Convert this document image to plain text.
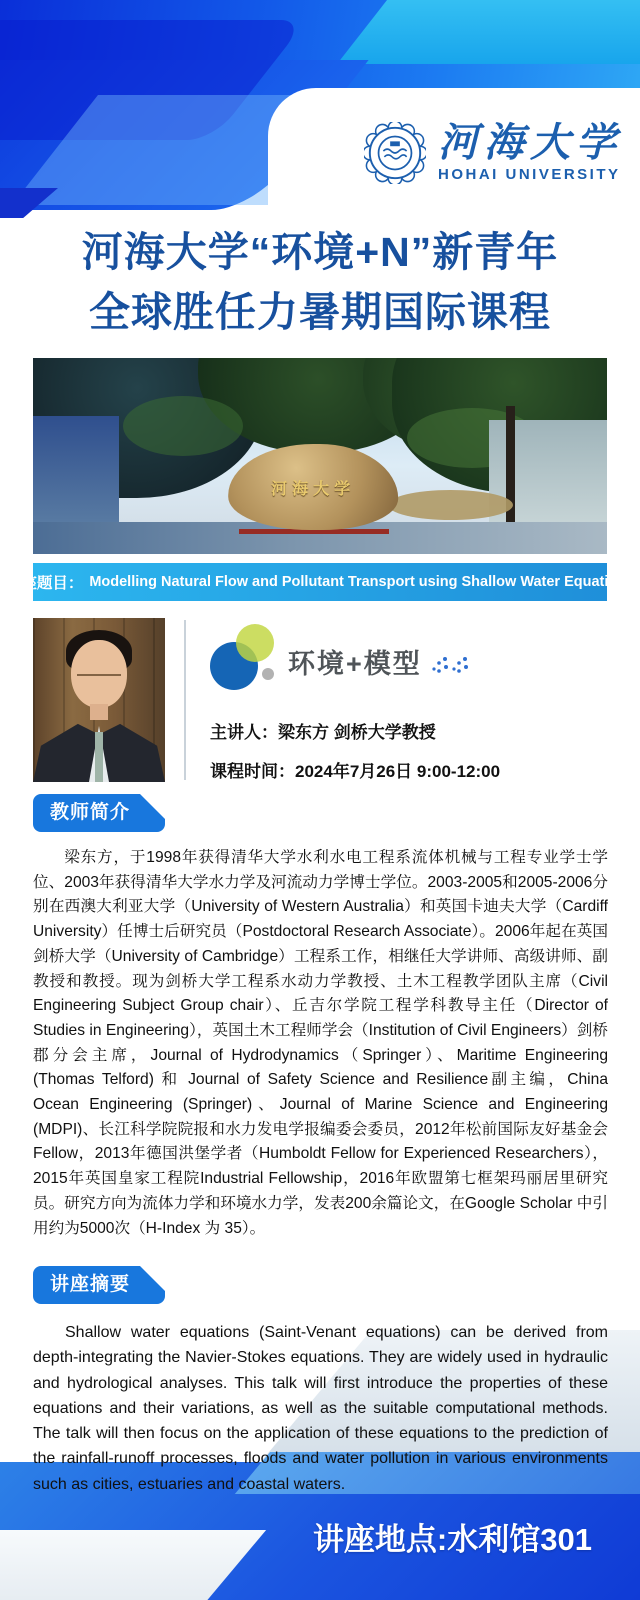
河海大学
HOHAI UNIVERSITY
河海大学“环境+N”新青年
全球胜任力暑期国际课程
河海大学
讲座题目： Modelling Natural Flow and Pollutant Transport using Shallow Water Equations
环境+模型
主讲人：梁东方 剑桥大学教授
课程时间：2024年7月26日 9:00-12:00
教师简介
梁东方，于1998年获得清华大学水利水电工程系流体机械与工程专业学士学位、2003年获得清华大学水力学及河流动力学博士学位。2003-2005和2005-2006分别在西澳大利亚大学（University of Western Australia）和英国卡迪夫大学（Cardiff University）任博士后研究员（Postdoctoral Research Associate）。2006年起在英国剑桥大学（University of Cambridge）工程系工作，相继任大学讲师、高级讲师、副教授和教授。现为剑桥大学工程系水动力学教授、土木工程教学团队主席（Civil Engineering Subject Group chair）、丘吉尔学院工程学科教导主任（Director of Studies in Engineering），英国土木工程师学会（Institution of Civil Engineers）剑桥郡分会主席，Journal of Hydrodynamics（Springer）、Maritime Engineering (Thomas Telford) 和 Journal of Safety Science and Resilience副主编，China Ocean Engineering (Springer)、Journal of Marine Science and Engineering (MDPI)、长江科学院院报和水力发电学报编委会委员，2012年松前国际友好基金会 Fellow，2013年德国洪堡学者（Humboldt Fellow for Experienced Researchers），2015年英国皇家工程院Industrial Fellowship，2016年欧盟第七框架玛丽居里研究员。研究方向为流体力学和环境水力学，发表200余篇论文，在Google Scholar 中引用约为5000次（H-Index 为 35）。
讲座摘要
Shallow water equations (Saint-Venant equations) can be derived from depth-integrating the Navier-Stokes equations. They are widely used in hydraulic and hydrological analyses. This talk will first introduce the properties of these equations and their variations, as well as the suitable computational methods. The talk will then focus on the application of these equations to the prediction of the rainfall-runoff processes, floods and water pollution in various environments such as cities, estuaries and coastal waters.
讲座地点:水利馆301
